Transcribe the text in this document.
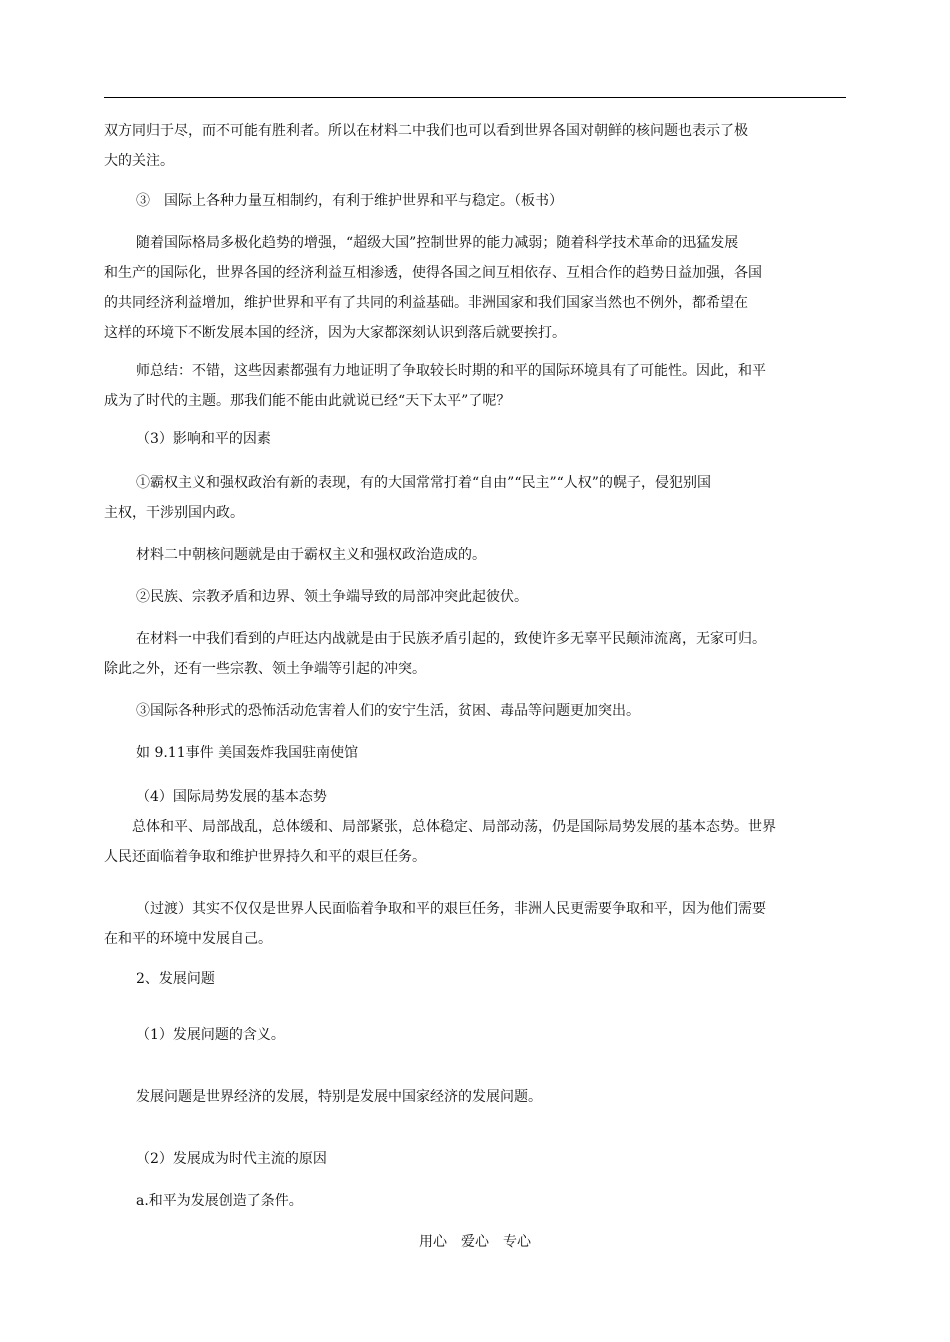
双方同归于尽，而不可能有胜利者。所以在材料二中我们也可以看到世界各国对朝鲜的核问题也表示了极
大的关注。
③　国际上各种力量互相制约，有利于维护世界和平与稳定。（板书）
随着国际格局多极化趋势的增强，“超级大国”控制世界的能力减弱；随着科学技术革命的迅猛发展
和生产的国际化，世界各国的经济利益互相渗透，使得各国之间互相依存、互相合作的趋势日益加强，各国
的共同经济利益增加，维护世界和平有了共同的利益基础。非洲国家和我们国家当然也不例外，都希望在
这样的环境下不断发展本国的经济，因为大家都深刻认识到落后就要挨打。
师总结：不错，这些因素都强有力地证明了争取较长时期的和平的国际环境具有了可能性。因此，和平
成为了时代的主题。那我们能不能由此就说已经“天下太平”了呢？
（3）影响和平的因素
①霸权主义和强权政治有新的表现，有的大国常常打着“自由”“民主”“人权”的幌子，侵犯别国
主权，干涉别国内政。
材料二中朝核问题就是由于霸权主义和强权政治造成的。
②民族、宗教矛盾和边界、领土争端导致的局部冲突此起彼伏。
在材料一中我们看到的卢旺达内战就是由于民族矛盾引起的，致使许多无辜平民颠沛流离，无家可归。
除此之外，还有一些宗教、领土争端等引起的冲突。
③国际各种形式的恐怖活动危害着人们的安宁生活，贫困、毒品等问题更加突出。
如 9.11事件 美国轰炸我国驻南使馆
（4）国际局势发展的基本态势
总体和平、局部战乱，总体缓和、局部紧张，总体稳定、局部动荡，仍是国际局势发展的基本态势。世界
人民还面临着争取和维护世界持久和平的艰巨任务。
（过渡）其实不仅仅是世界人民面临着争取和平的艰巨任务，非洲人民更需要争取和平，因为他们需要
在和平的环境中发展自己。
2、发展问题
（1）发展问题的含义。
发展问题是世界经济的发展，特别是发展中国家经济的发展问题。
（2）发展成为时代主流的原因
a.和平为发展创造了条件。
用心　爱心　专心
